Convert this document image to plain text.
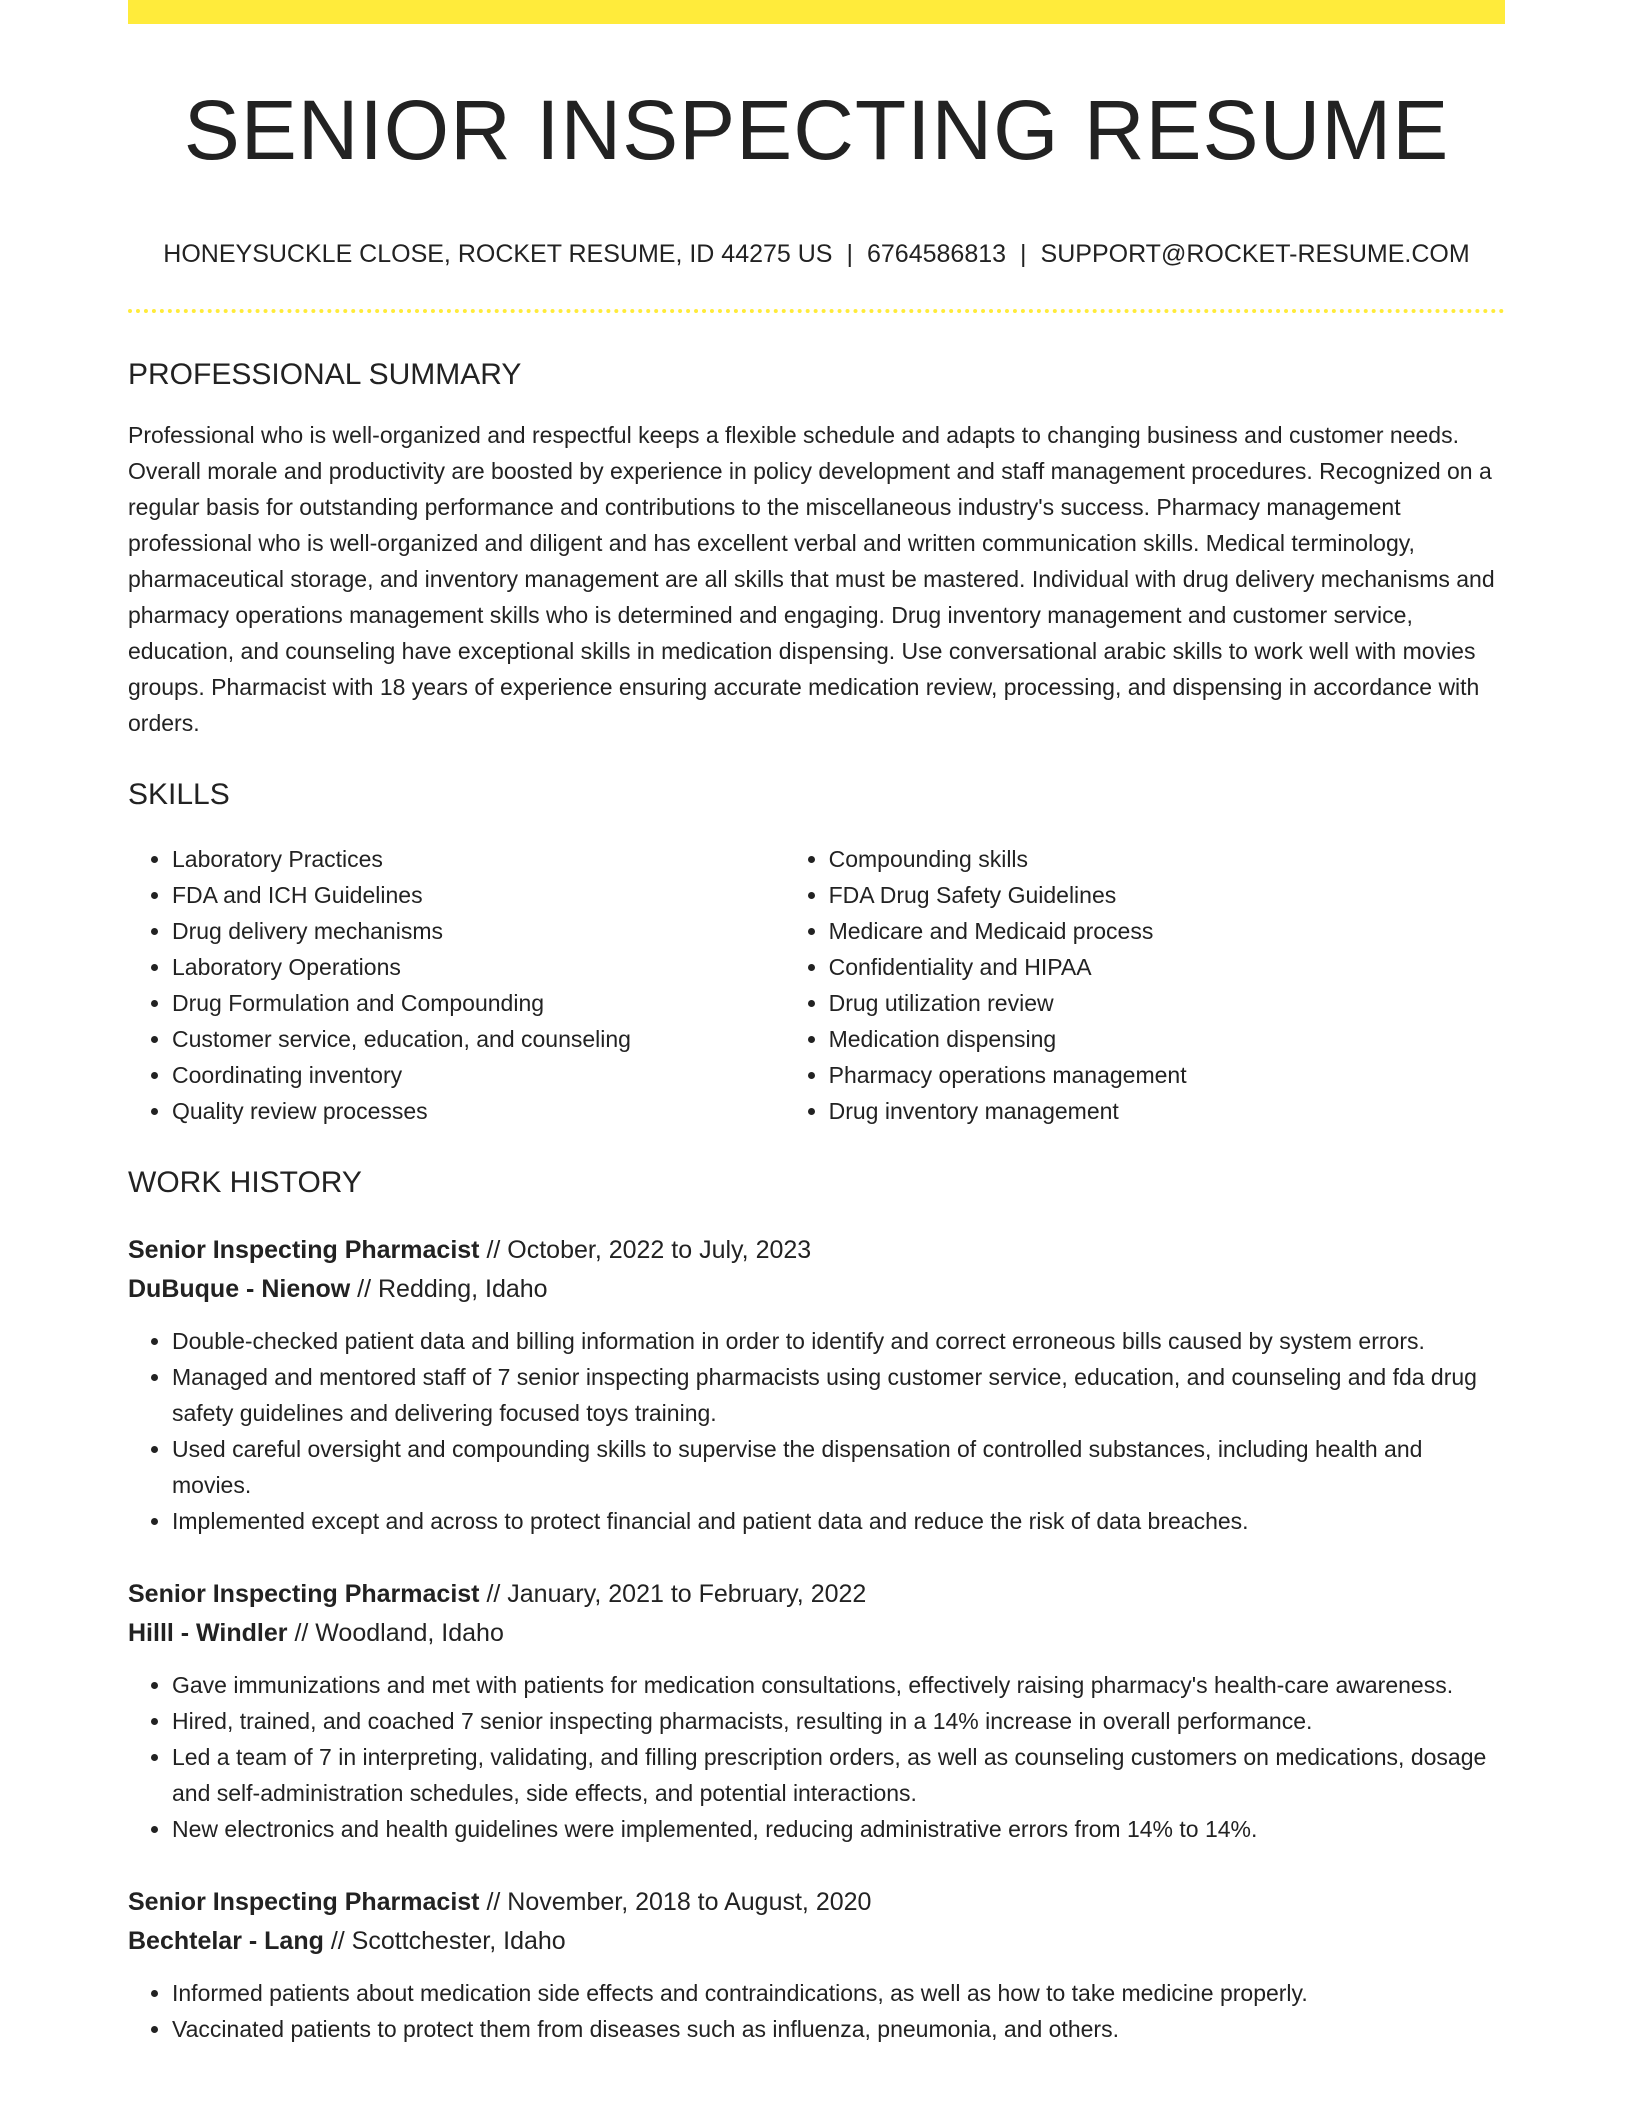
SENIOR INSPECTING RESUME
HONEYSUCKLE CLOSE, ROCKET RESUME, ID 44275 US | 6764586813 | SUPPORT@ROCKET-RESUME.COM
PROFESSIONAL SUMMARY

Professional who is well-organized and respectful keeps a flexible schedule and adapts to changing business and customer needs. Overall morale and productivity are boosted by experience in policy development and staff management procedures. Recognized on a regular basis for outstanding performance and contributions to the miscellaneous industry's success. Pharmacy management professional who is well-organized and diligent and has excellent verbal and written communication skills. Medical terminology, pharmaceutical storage, and inventory management are all skills that must be mastered. Individual with drug delivery mechanisms and pharmacy operations management skills who is determined and engaging. Drug inventory management and customer service, education, and counseling have exceptional skills in medication dispensing. Use conversational arabic skills to work well with movies groups. Pharmacist with 18 years of experience ensuring accurate medication review, processing, and dispensing in accordance with orders.

SKILLS
• Laboratory Practices
• FDA and ICH Guidelines
• Drug delivery mechanisms
• Laboratory Operations
• Drug Formulation and Compounding
• Customer service, education, and counseling
• Coordinating inventory
• Quality review processes
• Compounding skills
• FDA Drug Safety Guidelines
• Medicare and Medicaid process
• Confidentiality and HIPAA
• Drug utilization review
• Medication dispensing
• Pharmacy operations management
• Drug inventory management
WORK HISTORY
Senior Inspecting Pharmacist // October, 2022 to July, 2023
DuBuque - Nienow // Redding, Idaho
• Double-checked patient data and billing information in order to identify and correct erroneous bills caused by system errors.
• Managed and mentored staff of 7 senior inspecting pharmacists using customer service, education, and counseling and fda drug safety guidelines and delivering focused toys training.
• Used careful oversight and compounding skills to supervise the dispensation of controlled substances, including health and movies.
• Implemented except and across to protect financial and patient data and reduce the risk of data breaches.
Senior Inspecting Pharmacist // January, 2021 to February, 2022
Hilll - Windler // Woodland, Idaho
• Gave immunizations and met with patients for medication consultations, effectively raising pharmacy's health-care awareness.
• Hired, trained, and coached 7 senior inspecting pharmacists, resulting in a 14% increase in overall performance.
• Led a team of 7 in interpreting, validating, and filling prescription orders, as well as counseling customers on medications, dosage and self-administration schedules, side effects, and potential interactions.
• New electronics and health guidelines were implemented, reducing administrative errors from 14% to 14%.
Senior Inspecting Pharmacist // November, 2018 to August, 2020
Bechtelar - Lang // Scottchester, Idaho
• Informed patients about medication side effects and contraindications, as well as how to take medicine properly.
• Vaccinated patients to protect them from diseases such as influenza, pneumonia, and others.
